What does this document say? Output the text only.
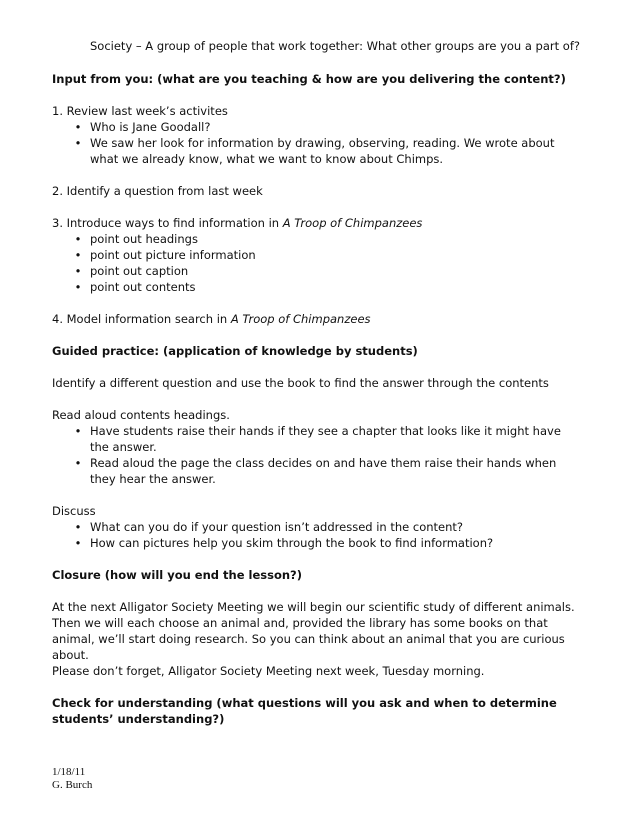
Society – A group of people that work together: What other groups are you a part of?
Input from you: (what are you teaching & how are you delivering the content?)
1. Review last week’s activites
• Who is Jane Goodall?
• We saw her look for information by drawing, observing, reading. We wrote about what we already know, what we want to know about Chimps.
2. Identify a question from last week
3. Introduce ways to find information in A Troop of Chimpanzees
• point out headings
• point out picture information
• point out caption
• point out contents
4. Model information search in A Troop of Chimpanzees
Guided practice: (application of knowledge by students)
Identify a different question and use the book to find the answer through the contents
Read aloud contents headings.
• Have students raise their hands if they see a chapter that looks like it might have the answer.
• Read aloud the page the class decides on and have them raise their hands when they hear the answer.
Discuss
• What can you do if your question isn’t addressed in the content?
• How can pictures help you skim through the book to find information?
Closure (how will you end the lesson?)
At the next Alligator Society Meeting we will begin our scientific study of different animals. Then we will each choose an animal and, provided the library has some books on that animal, we’ll start doing research. So you can think about an animal that you are curious about.
Please don’t forget, Alligator Society Meeting next week, Tuesday morning.
Check for understanding (what questions will you ask and when to determine students’ understanding?)
1/18/11
G. Burch
